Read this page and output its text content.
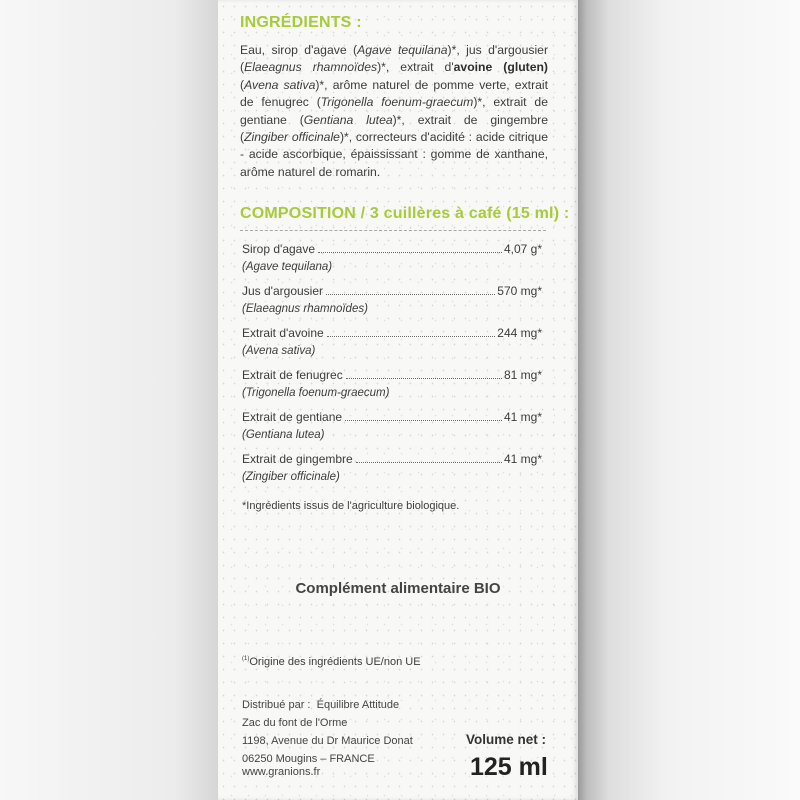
INGRÉDIENTS :

Eau, sirop d'agave (Agave tequilana)*, jus d'argousier (Elaeagnus rhamnoïdes)*, extrait d'avoine (gluten) (Avena sativa)*, arôme naturel de pomme verte, extrait de fenugrec (Trigonella foenum-graecum)*, extrait de gentiane (Gentiana lutea)*, extrait de gingembre (Zingiber officinale)*, correcteurs d'acidité : acide citrique - acide ascorbique, épaississant : gomme de xanthane, arôme naturel de romarin.

COMPOSITION / 3 cuillères à café (15 ml) :
Sirop d'agave	4,07 g*
(Agave tequilana)
Jus d'argousier	570 mg*
(Elaeagnus rhamnoïdes)
Extrait d'avoine	244 mg*
(Avena sativa)
Extrait de fenugrec	81 mg*
(Trigonella foenum-graecum)
Extrait de gentiane	41 mg*
(Gentiana lutea)
Extrait de gingembre	41 mg*
(Zingiber officinale)

*Ingrédients issus de l'agriculture biologique.

Complément alimentaire BIO

$^{(1)}$Origine des ingrédients UE/non UE

Distribué par : Équilibre Attitude
Zac du font de l'Orme
1198, Avenue du Dr Maurice Donat
06250 Mougins – FRANCE

www.granions.fr

Volume net :

125 ml
